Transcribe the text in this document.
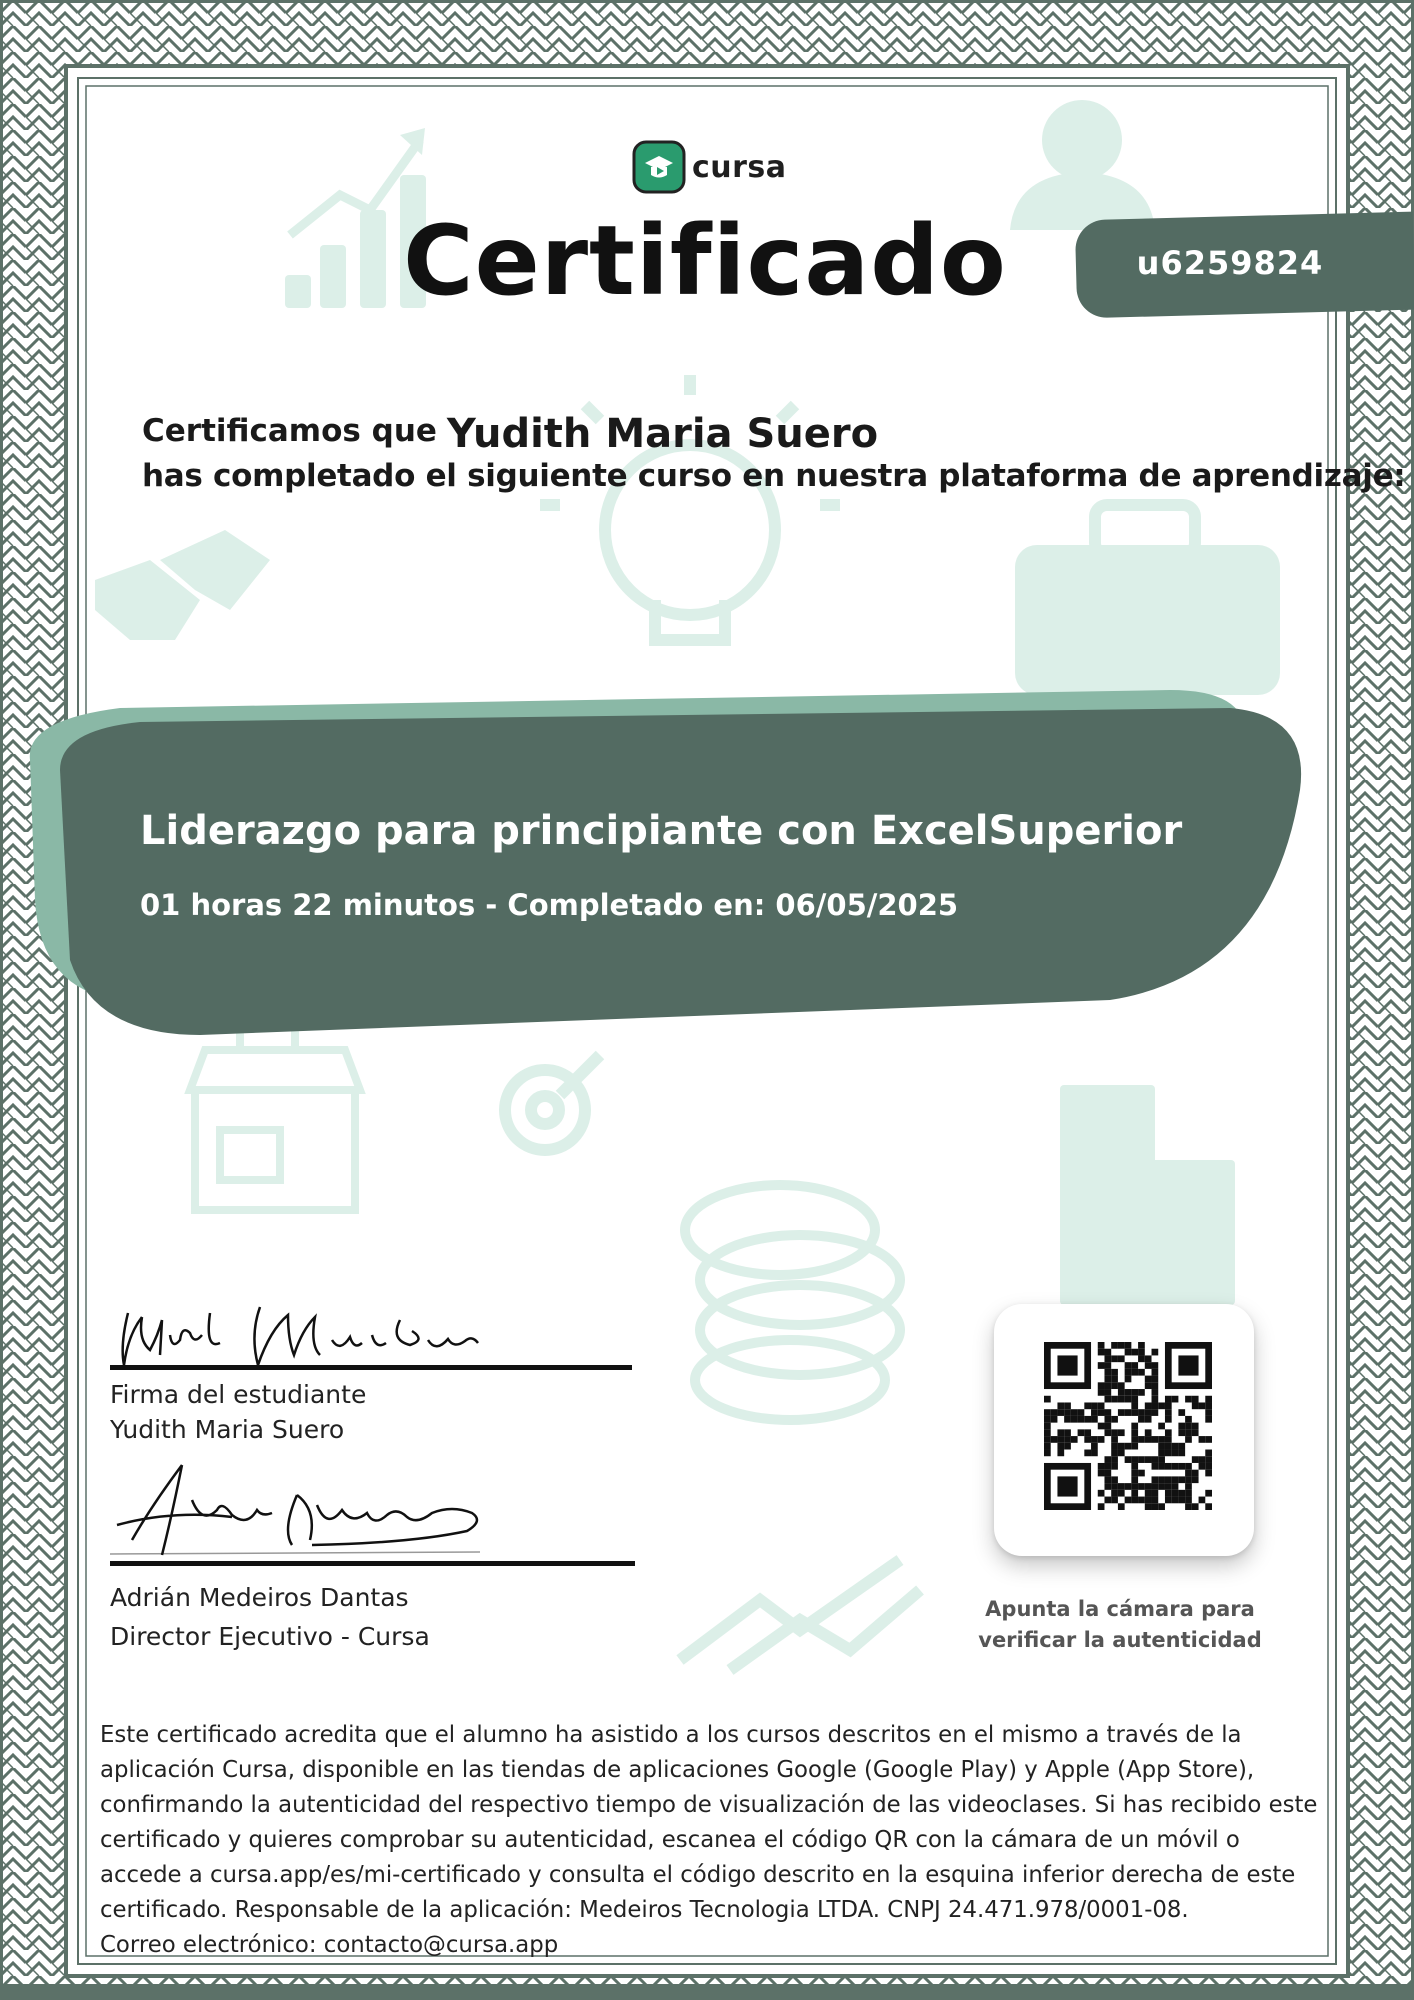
cursa
Certificado	u6259824
Certificamos que Yudith Maria Suero
has completado el siguiente curso en nuestra plataforma de aprendizaje:
Liderazgo para principiante con ExcelSuperior
01 horas 22 minutos - Completado en: 06/05/2025
Firma del estudiante
Yudith Maria Suero
Adrián Medeiros Dantas
Director Ejecutivo - Cursa
Apunta la cámara para
verificar la autenticidad
Este certificado acredita que el alumno ha asistido a los cursos descritos en el mismo a través de la
aplicación Cursa, disponible en las tiendas de aplicaciones Google (Google Play) y Apple (App Store),
confirmando la autenticidad del respectivo tiempo de visualización de las videoclases. Si has recibido este
certificado y quieres comprobar su autenticidad, escanea el código QR con la cámara de un móvil o
accede a cursa.app/es/mi-certificado y consulta el código descrito en la esquina inferior derecha de este
certificado. Responsable de la aplicación: Medeiros Tecnologia LTDA. CNPJ 24.471.978/0001-08.
Correo electrónico: contacto@cursa.app
